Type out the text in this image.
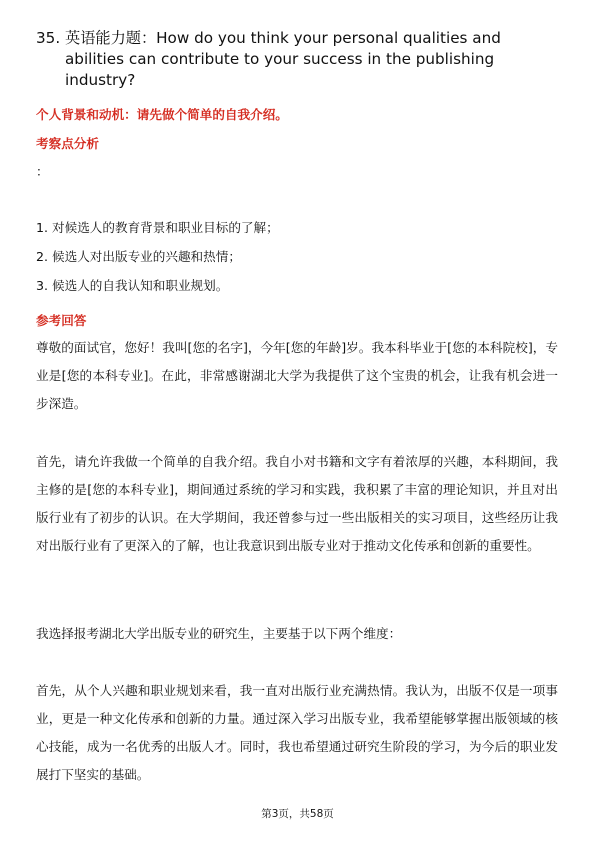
35. 英语能力题：How do you think your personal qualities and abilities can contribute to your success in the publishing industry?
个人背景和动机：请先做个简单的自我介绍。
考察点分析
：
1. 对候选人的教育背景和职业目标的了解；
2. 候选人对出版专业的兴趣和热情；
3. 候选人的自我认知和职业规划。
参考回答

尊敬的面试官，您好！我叫[您的名字]，今年[您的年龄]岁。我本科毕业于[您的本科院校]，专业是[您的本科专业]。在此，非常感谢湖北大学为我提供了这个宝贵的机会，让我有机会进一步深造。

首先，请允许我做一个简单的自我介绍。我自小对书籍和文字有着浓厚的兴趣，本科期间，我主修的是[您的本科专业]，期间通过系统的学习和实践，我积累了丰富的理论知识，并且对出版行业有了初步的认识。在大学期间，我还曾参与过一些出版相关的实习项目，这些经历让我对出版行业有了更深入的了解，也让我意识到出版专业对于推动文化传承和创新的重要性。

我选择报考湖北大学出版专业的研究生，主要基于以下两个维度：

首先，从个人兴趣和职业规划来看，我一直对出版行业充满热情。我认为，出版不仅是一项事业，更是一种文化传承和创新的力量。通过深入学习出版专业，我希望能够掌握出版领域的核心技能，成为一名优秀的出版人才。同时，我也希望通过研究生阶段的学习，为今后的职业发展打下坚实的基础。

第3页，共58页
